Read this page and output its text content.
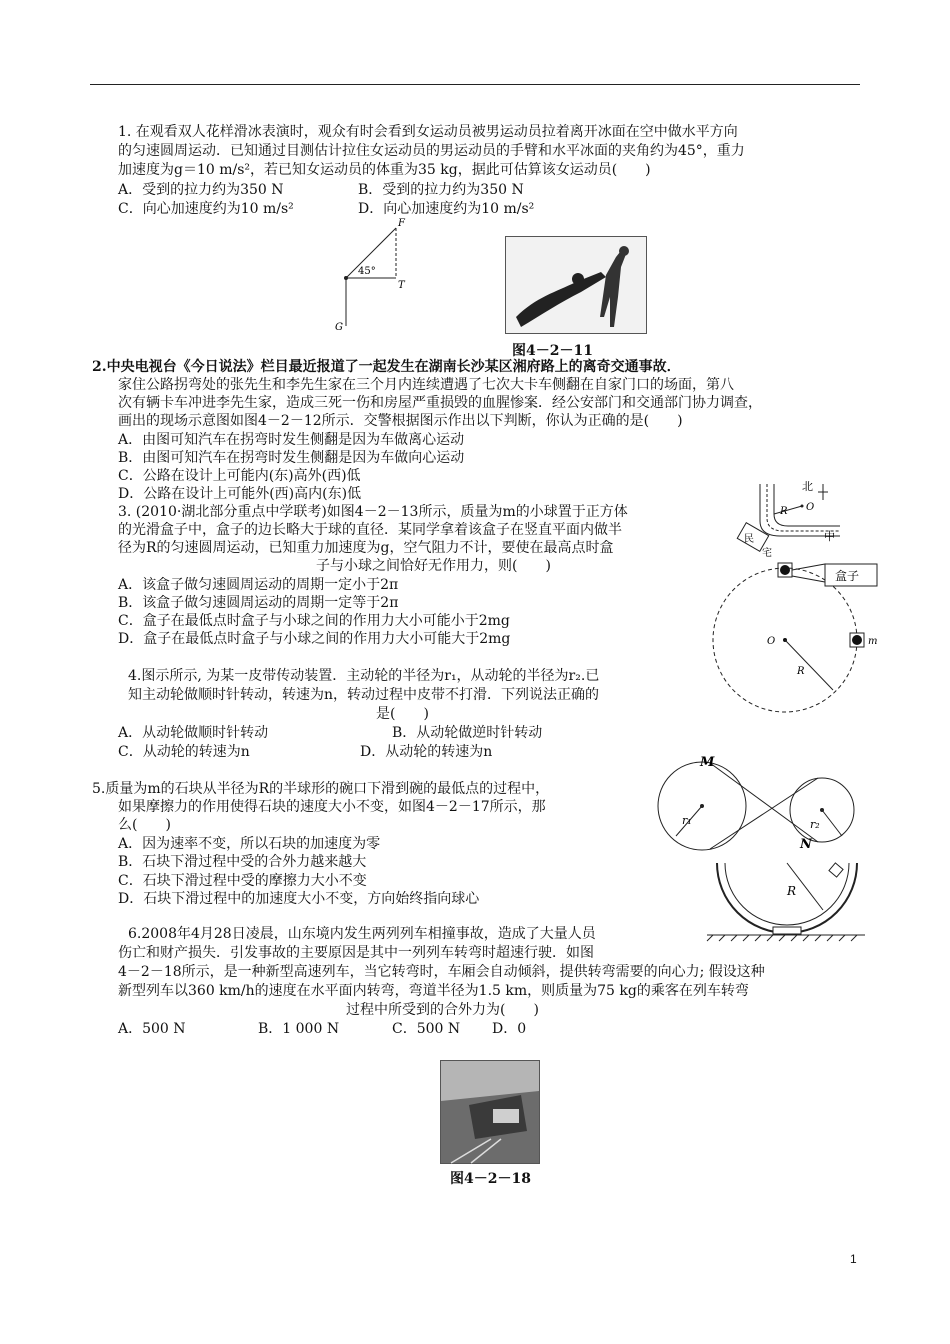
1. 在观看双人花样滑冰表演时，观众有时会看到女运动员被男运动员拉着离开冰面在空中做水平方向
的匀速圆周运动．已知通过目测估计拉住女运动员的男运动员的手臂和水平冰面的夹角约为45°，重力
加速度为g＝10 m/s²，若已知女运动员的体重为35 kg，据此可估算该女运动员(　　)
A．受到的拉力约为350 N	B．受到的拉力约为350 N
C．向心加速度约为10 m/s²	D．向心加速度约为10 m/s²
F
T
G
45°
图4－2－11
2.中央电视台《今日说法》栏目最近报道了一起发生在湖南长沙某区湘府路上的离奇交通事故．
家住公路拐弯处的张先生和李先生家在三个月内连续遭遇了七次大卡车侧翻在自家门口的场面，第八
次有辆卡车冲进李先生家，造成三死一伤和房屋严重损毁的血腥惨案．经公安部门和交通部门协力调查，
画出的现场示意图如图4－2－12所示．交警根据图示作出以下判断，你认为正确的是(　　)
A．由图可知汽车在拐弯时发生侧翻是因为车做离心运动
B．由图可知汽车在拐弯时发生侧翻是因为车做向心运动
C．公路在设计上可能内(东)高外(西)低
D．公路在设计上可能外(西)高内(东)低
R O
北
中
民
宅
3. (2010·湖北部分重点中学联考)如图4－2－13所示，质量为m的小球置于正方体
的光滑盒子中，盒子的边长略大于球的直径．某同学拿着该盒子在竖直平面内做半
径为R的匀速圆周运动，已知重力加速度为g，空气阻力不计，要使在最高点时盒
子与小球之间恰好无作用力，则(　　)
A．该盒子做匀速圆周运动的周期一定小于2π
B．该盒子做匀速圆周运动的周期一定等于2π
C．盒子在最低点时盒子与小球之间的作用力大小可能小于2mg
D．盒子在最低点时盒子与小球之间的作用力大小可能大于2mg
盒子
O
R
m
4.图示所示, 为某一皮带传动装置．主动轮的半径为r₁，从动轮的半径为r₂.已
知主动轮做顺时针转动，转速为n，转动过程中皮带不打滑．下列说法正确的
是(　　)
A．从动轮做顺时针转动	B．从动轮做逆时针转动
C．从动轮的转速为n	D．从动轮的转速为n
M
N
r₁	r₂
5.质量为m的石块从半径为R的半球形的碗口下滑到碗的最低点的过程中，
如果摩擦力的作用使得石块的速度大小不变，如图4－2－17所示，那
么(　　)
A．因为速率不变，所以石块的加速度为零
B．石块下滑过程中受的合外力越来越大
C．石块下滑过程中受的摩擦力大小不变
D．石块下滑过程中的加速度大小不变，方向始终指向球心	R
6.2008年4月28日凌晨，山东境内发生两列列车相撞事故，造成了大量人员
伤亡和财产损失．引发事故的主要原因是其中一列列车转弯时超速行驶．如图
4－2－18所示，是一种新型高速列车，当它转弯时，车厢会自动倾斜，提供转弯需要的向心力; 假设这种
新型列车以360 km/h的速度在水平面内转弯，弯道半径为1.5 km，则质量为75 kg的乘客在列车转弯
过程中所受到的合外力为(　　)
A．500 N	B．1 000 N	C．500 N D．0
图4－2－18
1
